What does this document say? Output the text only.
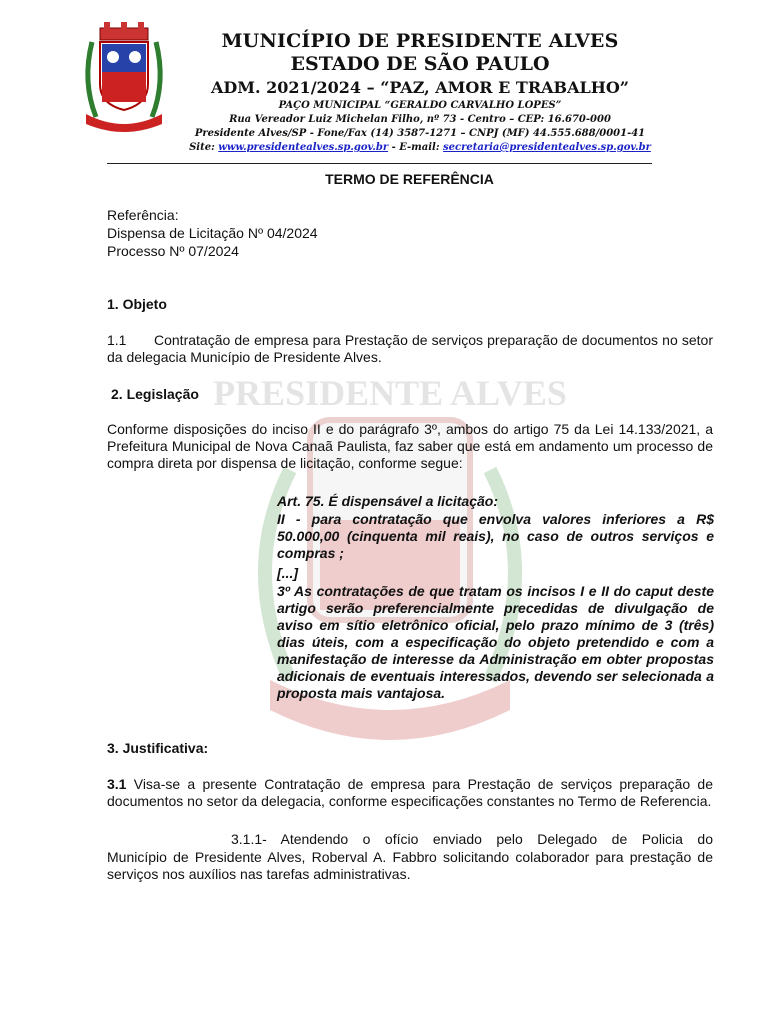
PRESIDENTE ALVES
MUNICÍPIO DE PRESIDENTE ALVES
ESTADO DE SÃO PAULO
ADM. 2021/2024 – “PAZ, AMOR E TRABALHO”
PAÇO MUNICIPAL “GERALDO CARVALHO LOPES”
Rua Vereador Luiz Michelan Filho, nº 73 - Centro – CEP: 16.670-000
Presidente Alves/SP - Fone/Fax (14) 3587-1271 – CNPJ (MF) 44.555.688/0001-41
Site: www.presidentealves.sp.gov.br - E-mail: secretaria@presidentealves.sp.gov.br
TERMO DE REFERÊNCIA
Referência:
Dispensa de Licitação Nº 04/2024
Processo Nº 07/2024
1. Objeto
1.1 Contratação de empresa para Prestação de serviços preparação de documentos no setor da delegacia Município de Presidente Alves.
2. Legislação
Conforme disposições do inciso II e do parágrafo 3º, ambos do artigo 75 da Lei 14.133/2021, a Prefeitura Municipal de Nova Canaã Paulista, faz saber que está em andamento um processo de compra direta por dispensa de licitação, conforme segue:
Art. 75. É dispensável a licitação:
II - para contratação que envolva valores inferiores a R$ 50.000,00 (cinquenta mil reais), no caso de outros serviços e compras ;
[...]
3º As contratações de que tratam os incisos I e II do caput deste artigo serão preferencialmente precedidas de divulgação de aviso em sítio eletrônico oficial, pelo prazo mínimo de 3 (três) dias úteis, com a especificação do objeto pretendido e com a manifestação de interesse da Administração em obter propostas adicionais de eventuais interessados, devendo ser selecionada a proposta mais vantajosa.
3. Justificativa:
3.1 Visa-se a presente Contratação de empresa para Prestação de serviços preparação de documentos no setor da delegacia, conforme especificações constantes no Termo de Referencia.
3.1.1- Atendendo o ofício enviado pelo Delegado de Policia do
Município de Presidente Alves, Roberval A. Fabbro solicitando colaborador para prestação de serviços nos auxílios nas tarefas administrativas.
